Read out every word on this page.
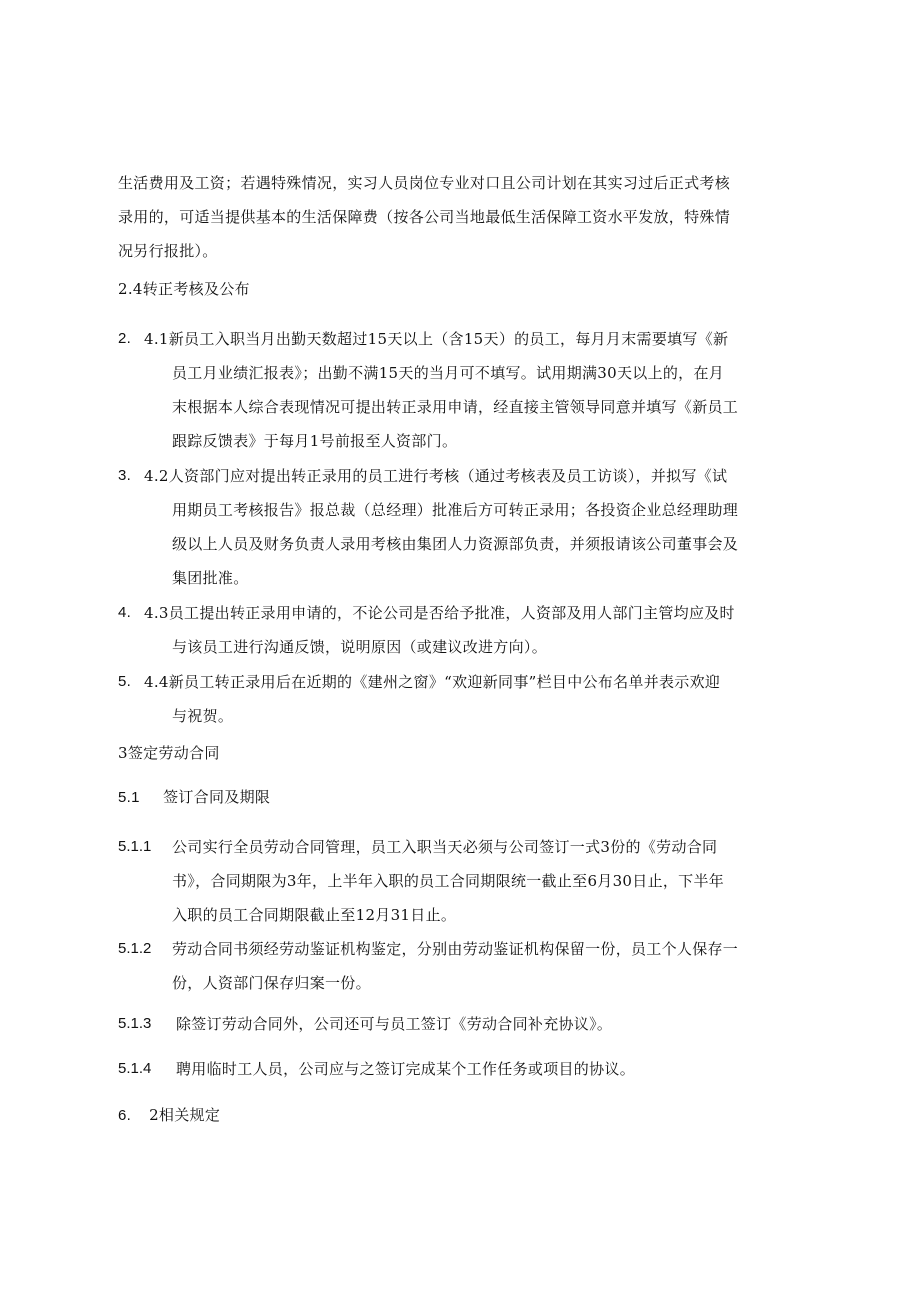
生活费用及工资；若遇特殊情况，实习人员岗位专业对口且公司计划在其实习过后正式考核

录用的，可适当提供基本的生活保障费（按各公司当地最低生活保障工资水平发放，特殊情

况另行报批）。

2.4转正考核及公布
2. 4.1新员工入职当月出勤天数超过15天以上（含15天）的员工，每月月末需要填写《新

员工月业绩汇报表》；出勤不满15天的当月可不填写。试用期满30天以上的，在月

末根据本人综合表现情况可提出转正录用申请，经直接主管领导同意并填写《新员工

跟踪反馈表》于每月1号前报至人资部门。

3. 4.2人资部门应对提出转正录用的员工进行考核（通过考核表及员工访谈），并拟写《试

用期员工考核报告》报总裁（总经理）批准后方可转正录用；各投资企业总经理助理

级以上人员及财务负责人录用考核由集团人力资源部负责，并须报请该公司董事会及

集团批准。

4. 4.3员工提出转正录用申请的，不论公司是否给予批准，人资部及用人部门主管均应及时

与该员工进行沟通反馈，说明原因（或建议改进方向）。

5. 4.4新员工转正录用后在近期的《建州之窗》“欢迎新同事”栏目中公布名单并表示欢迎

与祝贺。

3签定劳动合同
5.1 签订合同及期限
5.1.1	公司实行全员劳动合同管理，员工入职当天必须与公司签订一式3份的《劳动合同

书》，合同期限为3年，上半年入职的员工合同期限统一截止至6月30日止，下半年

入职的员工合同期限截止至12月31日止。

5.1.2	劳动合同书须经劳动鉴证机构鉴定，分别由劳动鉴证机构保留一份，员工个人保存一

份，人资部门保存归案一份。

5.1.3	除签订劳动合同外，公司还可与员工签订《劳动合同补充协议》。

5.1.4	聘用临时工人员，公司应与之签订完成某个工作任务或项目的协议。

6. 2相关规定
